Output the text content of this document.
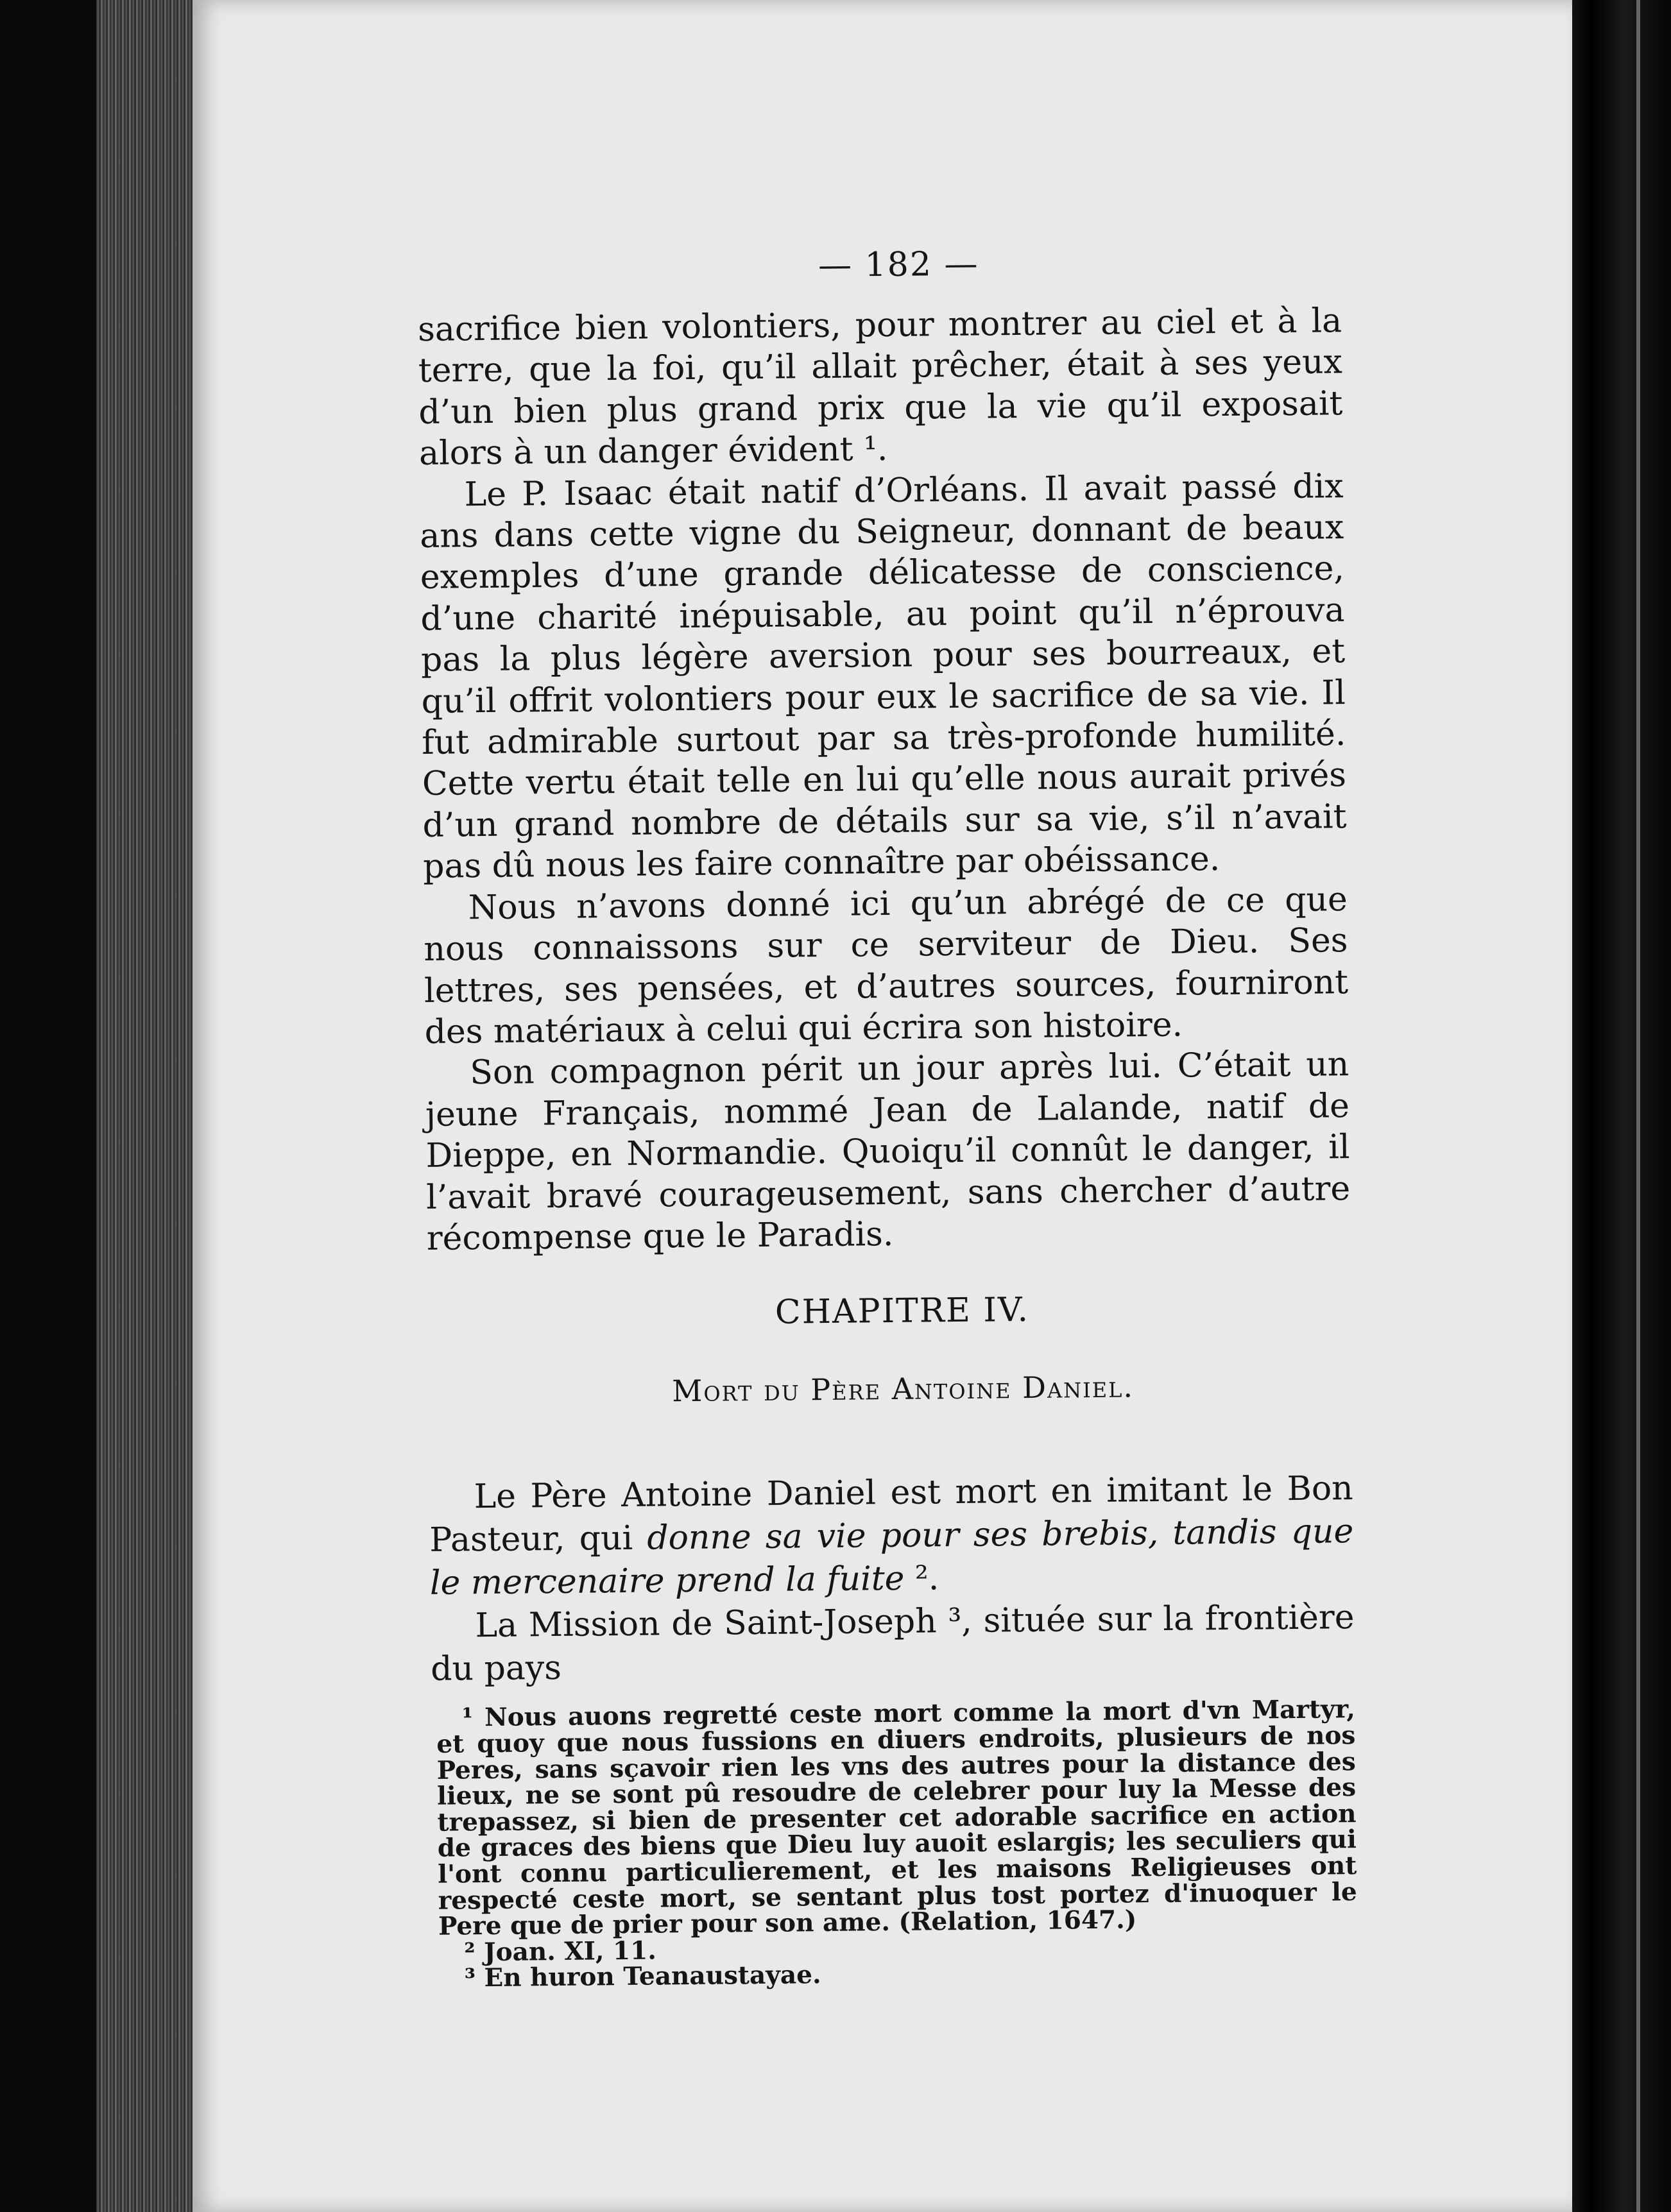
— 182 —

sacrifice bien volontiers, pour montrer au ciel et à la terre, que la foi, qu’il allait prêcher, était à ses yeux d’un bien plus grand prix que la vie qu’il exposait alors à un danger évident ¹.

Le P. Isaac était natif d’Orléans. Il avait passé dix ans dans cette vigne du Seigneur, donnant de beaux exemples d’une grande délicatesse de conscience, d’une charité inépuisable, au point qu’il n’éprouva pas la plus légère aversion pour ses bourreaux, et qu’il offrit volontiers pour eux le sacrifice de sa vie. Il fut admirable surtout par sa très-profonde humilité. Cette vertu était telle en lui qu’elle nous aurait privés d’un grand nombre de détails sur sa vie, s’il n’avait pas dû nous les faire connaître par obéissance.

Nous n’avons donné ici qu’un abrégé de ce que nous connaissons sur ce serviteur de Dieu. Ses lettres, ses pensées, et d’autres sources, fourniront des matériaux à celui qui écrira son histoire.

Son compagnon périt un jour après lui. C’était un jeune Français, nommé Jean de Lalande, natif de Dieppe, en Normandie. Quoiqu’il connût le danger, il l’avait bravé courageusement, sans chercher d’autre récompense que le Paradis.

CHAPITRE IV.
Mort du Père Antoine Daniel.

Le Père Antoine Daniel est mort en imitant le Bon Pasteur, qui donne sa vie pour ses brebis, tandis que le mercenaire prend la fuite ².

La Mission de Saint-Joseph ³, située sur la frontière du pays

¹ Nous auons regretté ceste mort comme la mort d'vn Martyr, et quoy que nous fussions en diuers endroits, plusieurs de nos Peres, sans sçavoir rien les vns des autres pour la distance des lieux, ne se sont pû resoudre de celebrer pour luy la Messe des trepassez, si bien de presenter cet adorable sacrifice en action de graces des biens que Dieu luy auoit eslargis; les seculiers qui l'ont connu particulierement, et les maisons Religieuses ont respecté ceste mort, se sentant plus tost portez d'inuoquer le Pere que de prier pour son ame. (Relation, 1647.)

² Joan. XI, 11.

³ En huron Teanaustayae.
